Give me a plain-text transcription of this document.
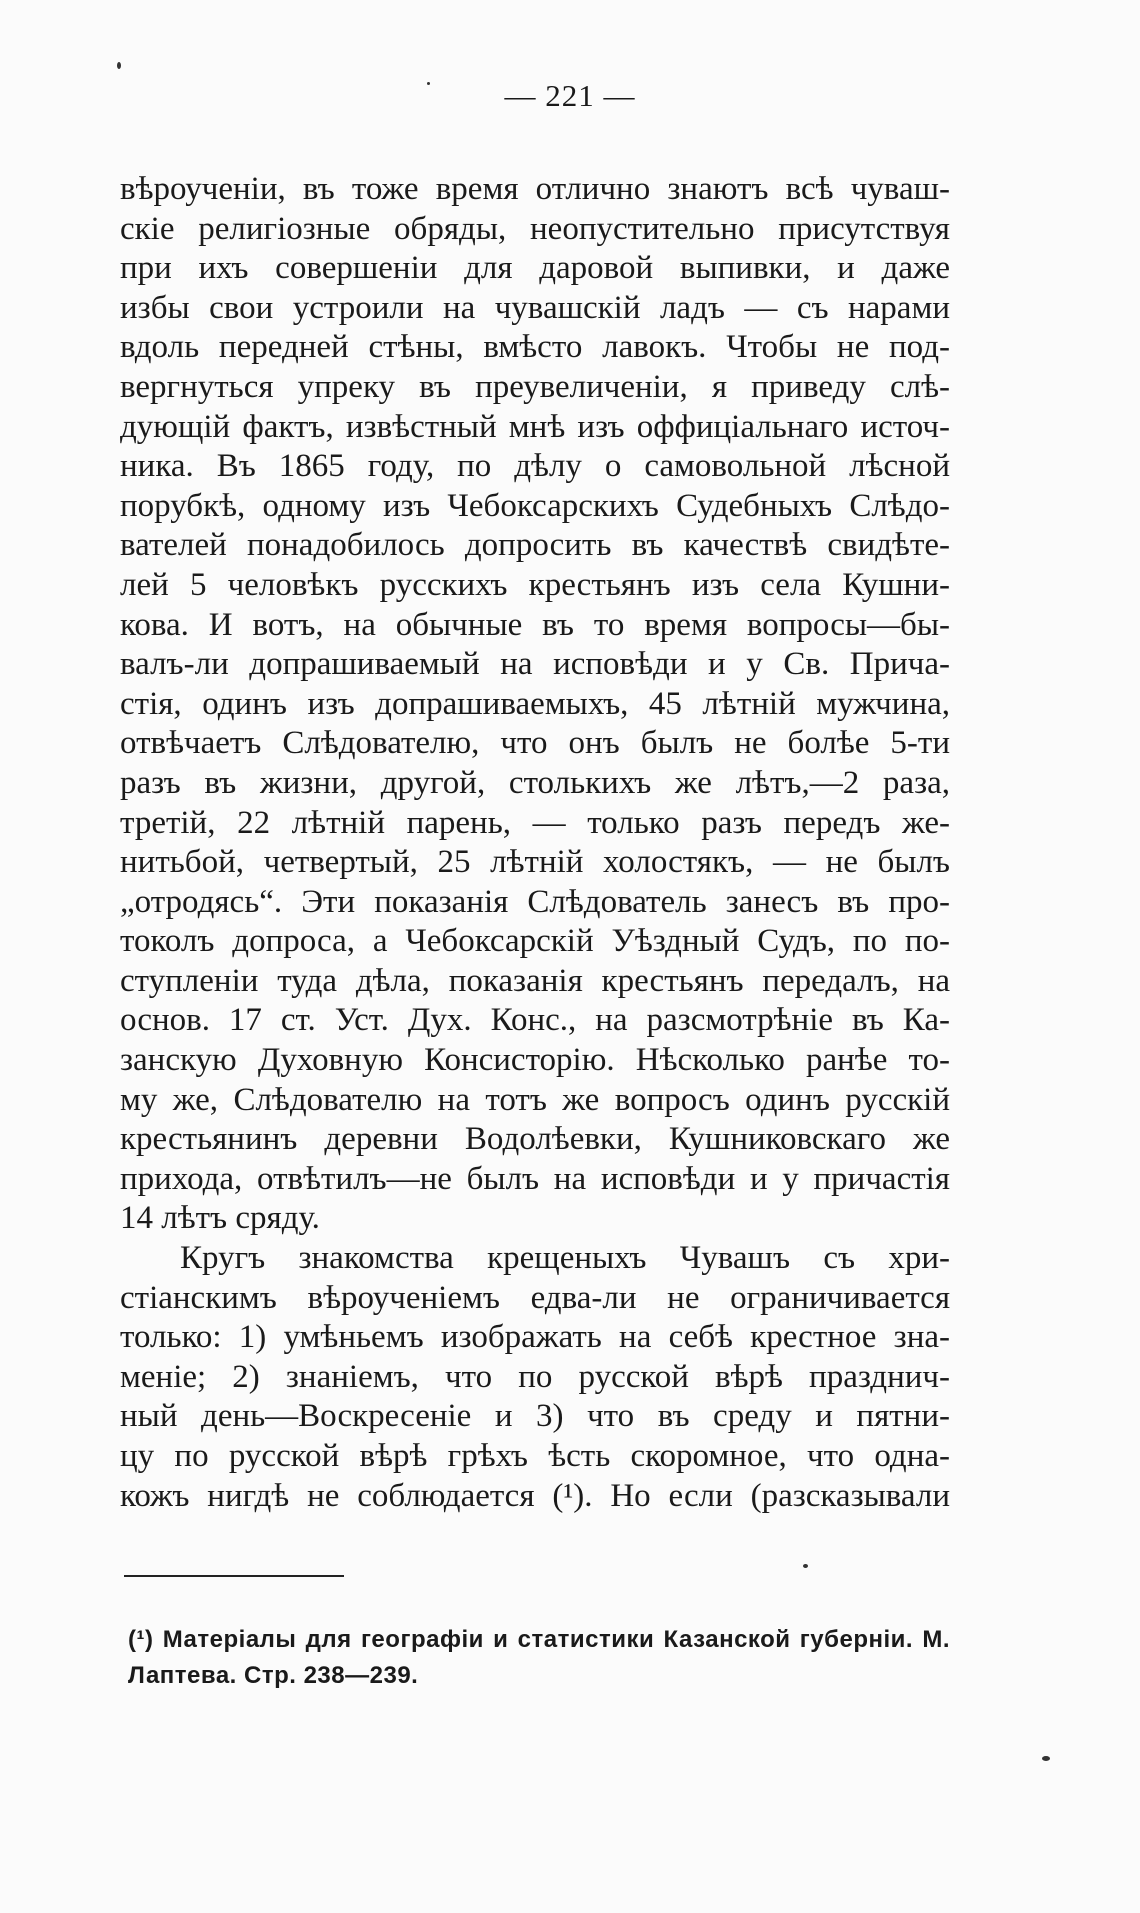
— 221 —
вѣроученіи, въ тоже время отлично знаютъ всѣ чуваш-
скіе религіозные обряды, неопустительно присутствуя
при ихъ совершеніи для даровой выпивки, и даже
избы свои устроили на чувашскій ладъ — съ нарами
вдоль передней стѣны, вмѣсто лавокъ. Чтобы не под-
вергнуться упреку въ преувеличеніи, я приведу слѣ-
дующій фактъ, извѣстный мнѣ изъ оффиціальнаго источ-
ника. Въ 1865 году, по дѣлу о самовольной лѣсной
порубкѣ, одному изъ Чебоксарскихъ Судебныхъ Слѣдо-
вателей понадобилось допросить въ качествѣ свидѣте-
лей 5 человѣкъ русскихъ крестьянъ изъ села Кушни-
кова. И вотъ, на обычные въ то время вопросы—бы-
валъ-ли допрашиваемый на исповѣди и у Св. Прича-
стія, одинъ изъ допрашиваемыхъ, 45 лѣтній мужчина,
отвѣчаетъ Слѣдователю, что онъ былъ не болѣе 5-ти
разъ въ жизни, другой, столькихъ же лѣтъ,—2 раза,
третій, 22 лѣтній парень, — только разъ передъ же-
нитьбой, четвертый, 25 лѣтній холостякъ, — не былъ
„отродясь“. Эти показанія Слѣдователь занесъ въ про-
токолъ допроса, а Чебоксарскій Уѣздный Судъ, по по-
ступленіи туда дѣла, показанія крестьянъ передалъ, на
основ. 17 ст. Уст. Дух. Конс., на разсмотрѣніе въ Ка-
занскую Духовную Консисторію. Нѣсколько ранѣе то-
му же, Слѣдователю на тотъ же вопросъ одинъ русскій
крестьянинъ деревни Водолѣевки, Кушниковскаго же
прихода, отвѣтилъ—не былъ на исповѣди и у причастія
14 лѣтъ сряду.
Кругъ знакомства крещеныхъ Чувашъ съ хри-
стіанскимъ вѣроученіемъ едва-ли не ограничивается
только: 1) умѣньемъ изображать на себѣ крестное зна-
меніе; 2) знаніемъ, что по русской вѣрѣ празднич-
ный день—Воскресеніе и 3) что въ среду и пятни-
цу по русской вѣрѣ грѣхъ ѣсть скоромное, что одна-
кожъ нигдѣ не соблюдается (¹). Но если (разсказывали
(¹) Матеріалы для географіи и статистики Казанской губерніи. М.
Лаптева. Стр. 238—239.
